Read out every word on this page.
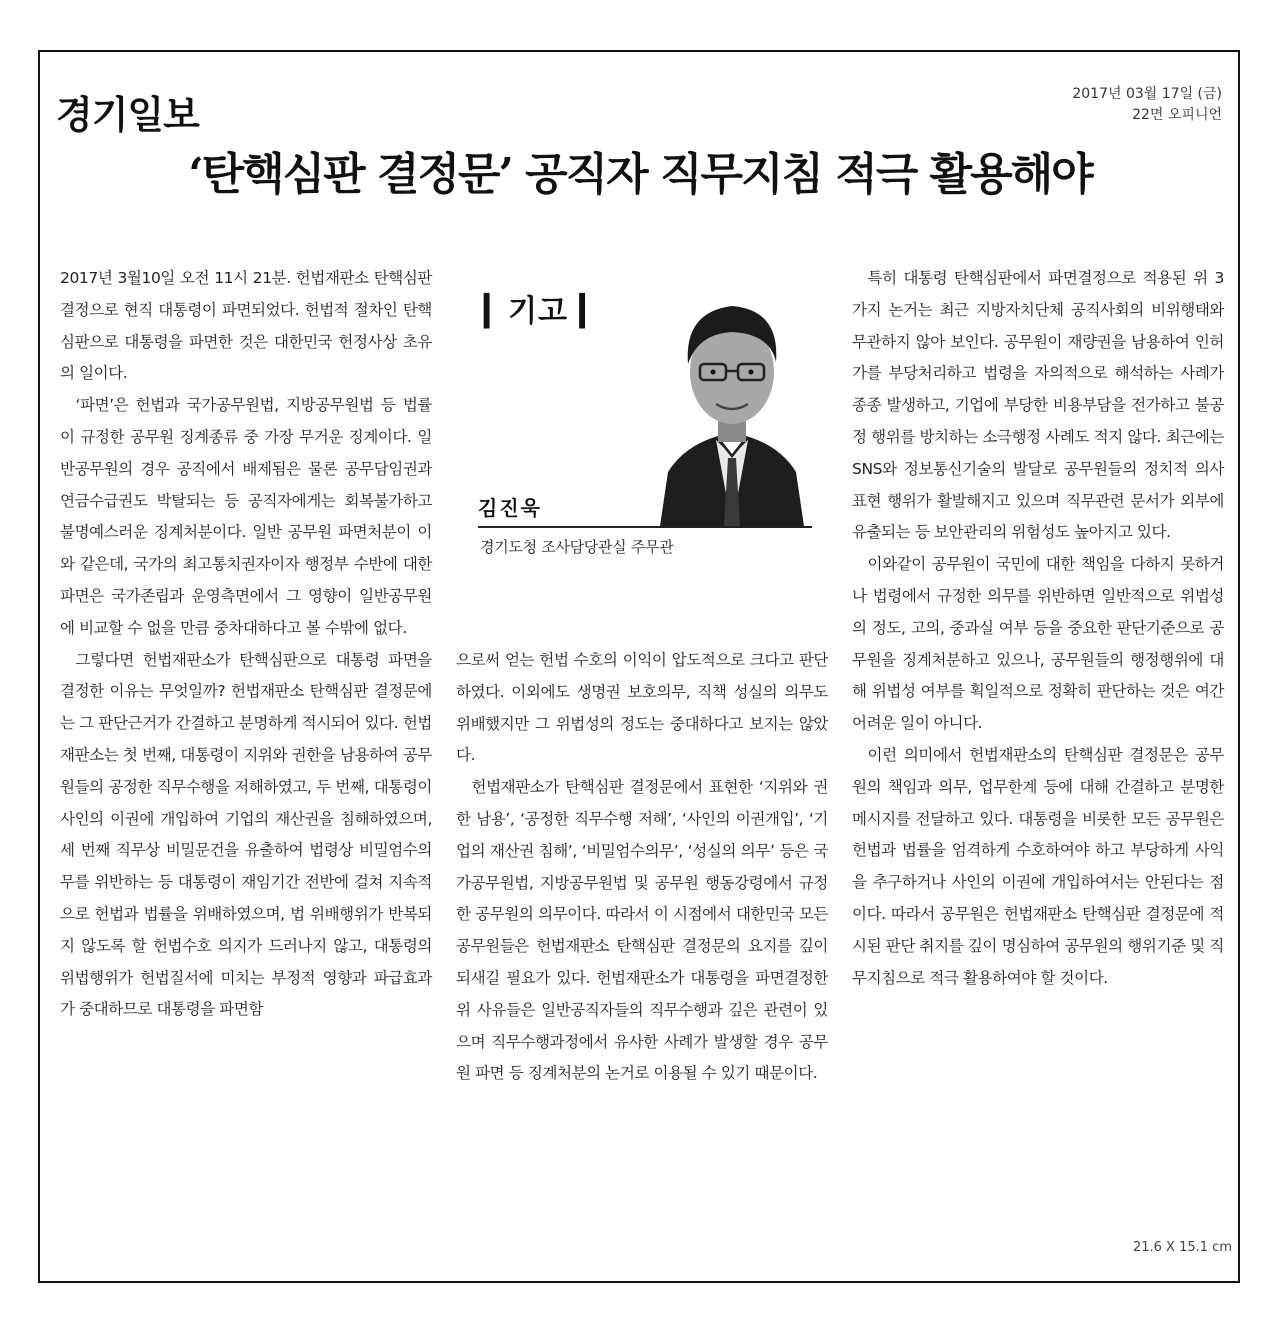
경기일보	2017년 03월 17일 (금)
22면 오피니언
‘탄핵심판 결정문’ 공직자 직무지침 적극 활용해야

2017년 3월10일 오전 11시 21분. 헌법재판소 탄핵심판 결정으로 현직 대통령이 파면되었다. 헌법적 절차인 탄핵심판으로 대통령을 파면한 것은 대한민국 헌정사상 초유의 일이다.

‘파면’은 헌법과 국가공무원법, 지방공무원법 등 법률이 규정한 공무원 징계종류 중 가장 무거운 징계이다. 일반공무원의 경우 공직에서 배제됨은 물론 공무담임권과 연금수급권도 박탈되는 등 공직자에게는 회복불가하고 불명예스러운 징계처분이다. 일반 공무원 파면처분이 이와 같은데, 국가의 최고통치권자이자 행정부 수반에 대한 파면은 국가존립과 운영측면에서 그 영향이 일반공무원에 비교할 수 없을 만큼 중차대하다고 볼 수밖에 없다.

그렇다면 헌법재판소가 탄핵심판으로 대통령 파면을 결정한 이유는 무엇일까? 헌법재판소 탄핵심판 결정문에는 그 판단근거가 간결하고 분명하게 적시되어 있다. 헌법재판소는 첫 번째, 대통령이 지위와 권한을 남용하여 공무원들의 공정한 직무수행을 저해하였고, 두 번째, 대통령이 사인의 이권에 개입하여 기업의 재산권을 침해하였으며, 세 번째 직무상 비밀문건을 유출하여 법령상 비밀엄수의무를 위반하는 등 대통령이 재임기간 전반에 걸쳐 지속적으로 헌법과 법률을 위배하였으며, 법 위배행위가 반복되지 않도록 할 헌법수호 의지가 드러나지 않고, 대통령의 위법행위가 헌법질서에 미치는 부정적 영향과 파급효과가 중대하므로 대통령을 파면함

▎기고 ▎
김진욱
경기도청 조사담당관실 주무관

으로써 얻는 헌법 수호의 이익이 압도적으로 크다고 판단하였다. 이외에도 생명권 보호의무, 직책 성실의 의무도 위배했지만 그 위법성의 정도는 중대하다고 보지는 않았다.

헌법재판소가 탄핵심판 결정문에서 표현한 ‘지위와 권한 남용’, ‘공정한 직무수행 저해’, ‘사인의 이권개입’, ‘기업의 재산권 침해’, ‘비밀엄수의무’, ‘성실의 의무’ 등은 국가공무원법, 지방공무원법 및 공무원 행동강령에서 규정한 공무원의 의무이다. 따라서 이 시점에서 대한민국 모든 공무원들은 헌법재판소 탄핵심판 결정문의 요지를 깊이 되새길 필요가 있다. 헌법재판소가 대통령을 파면결정한 위 사유들은 일반공직자들의 직무수행과 깊은 관련이 있으며 직무수행과정에서 유사한 사례가 발생할 경우 공무원 파면 등 징계처분의 논거로 이용될 수 있기 때문이다.

특히 대통령 탄핵심판에서 파면결정으로 적용된 위 3가지 논거는 최근 지방자치단체 공직사회의 비위행태와 무관하지 않아 보인다. 공무원이 재량권을 남용하여 인허가를 부당처리하고 법령을 자의적으로 해석하는 사례가 종종 발생하고, 기업에 부당한 비용부담을 전가하고 불공정 행위를 방치하는 소극행정 사례도 적지 않다. 최근에는 SNS와 정보통신기술의 발달로 공무원들의 정치적 의사표현 행위가 활발해지고 있으며 직무관련 문서가 외부에 유출되는 등 보안관리의 위험성도 높아지고 있다.

이와같이 공무원이 국민에 대한 책임을 다하지 못하거나 법령에서 규정한 의무를 위반하면 일반적으로 위법성의 정도, 고의, 중과실 여부 등을 중요한 판단기준으로 공무원을 징계처분하고 있으나, 공무원들의 행정행위에 대해 위법성 여부를 획일적으로 정확히 판단하는 것은 여간 어려운 일이 아니다.

이런 의미에서 헌법재판소의 탄핵심판 결정문은 공무원의 책임과 의무, 업무한계 등에 대해 간결하고 분명한 메시지를 전달하고 있다. 대통령을 비롯한 모든 공무원은 헌법과 법률을 엄격하게 수호하여야 하고 부당하게 사익을 추구하거나 사인의 이권에 개입하여서는 안된다는 점이다. 따라서 공무원은 헌법재판소 탄핵심판 결정문에 적시된 판단 취지를 깊이 명심하여 공무원의 행위기준 및 직무지침으로 적극 활용하여야 할 것이다.

21.6 X 15.1 cm
